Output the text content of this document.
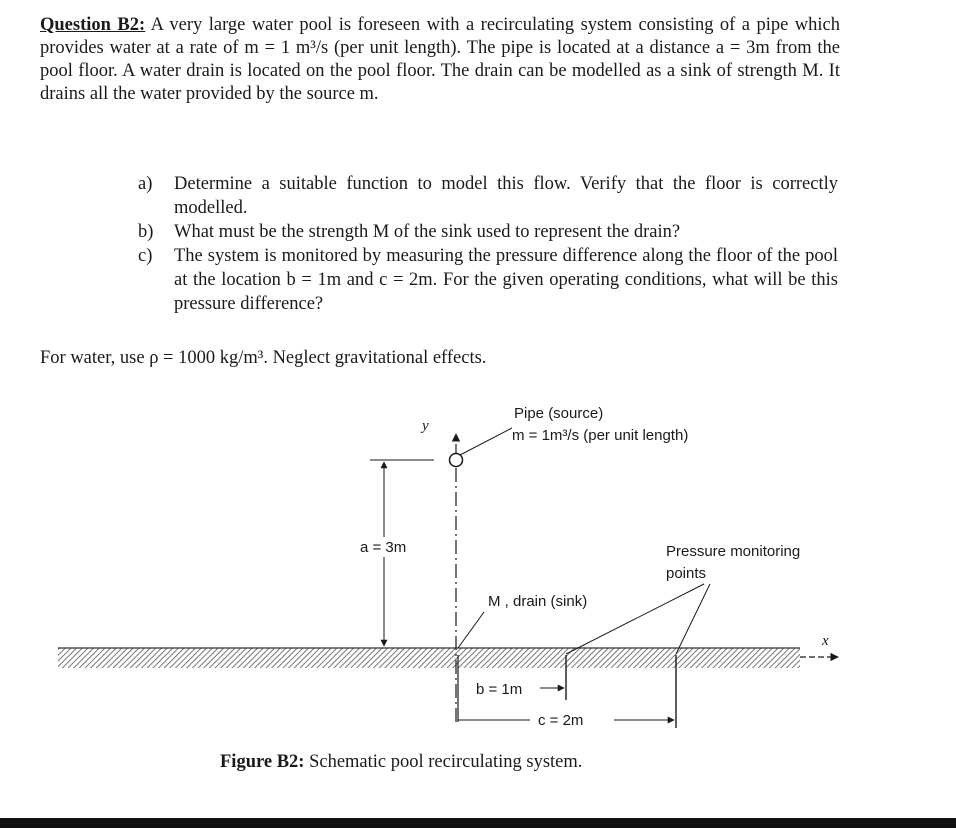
Question B2: A very large water pool is foreseen with a recirculating system consisting of a pipe which provides water at a rate of m = 1 m³/s (per unit length). The pipe is located at a distance a = 3m from the pool floor. A water drain is located on the pool floor. The drain can be modelled as a sink of strength M. It drains all the water provided by the source m.
a)	Determine a suitable function to model this flow. Verify that the floor is correctly modelled.
b)	What must be the strength M of the sink used to represent the drain?
c)	The system is monitored by measuring the pressure difference along the floor of the pool at the location b = 1m and c = 2m. For the given operating conditions, what will be this pressure difference?
For water, use ρ = 1000 kg/m³. Neglect gravitational effects.
x
y
Pipe (source)
m = 1m³/s (per unit length)
a = 3m
M , drain (sink)
Pressure monitoring
points
b = 1m
c = 2m
Figure B2: Schematic pool recirculating system.
